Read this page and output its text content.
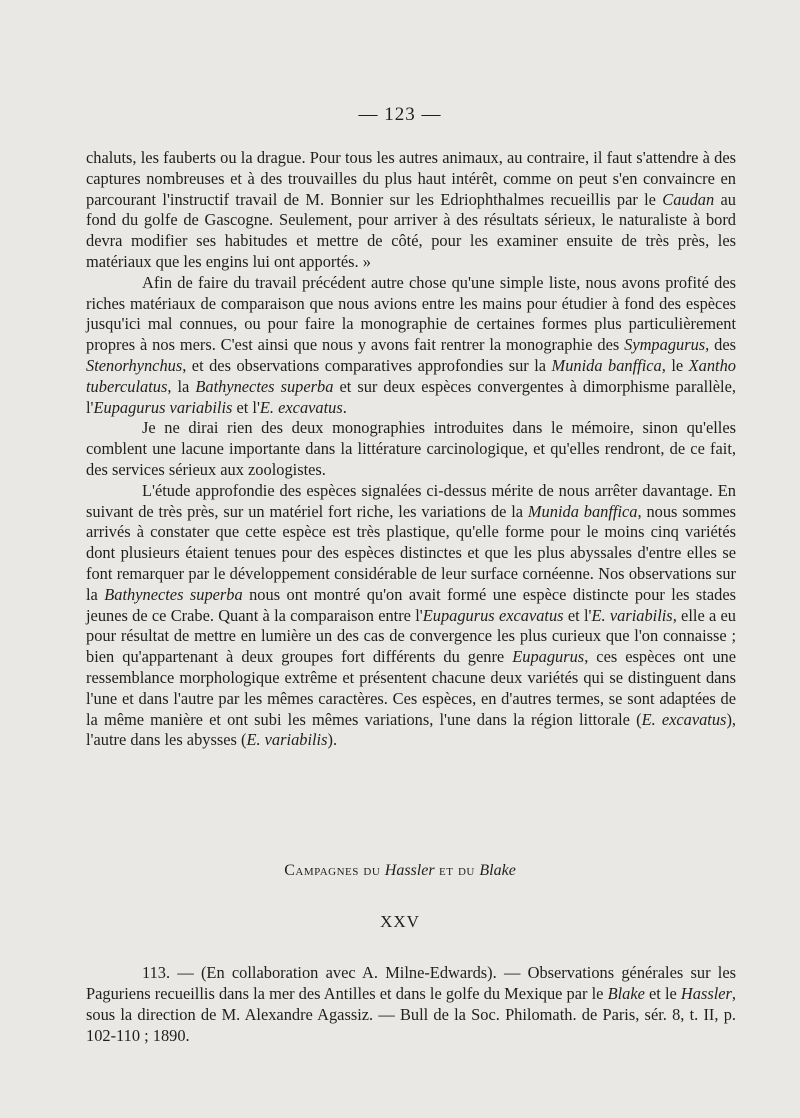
— 123 —

chaluts, les fauberts ou la drague. Pour tous les autres animaux, au contraire, il faut s'attendre à des captures nombreuses et à des trouvailles du plus haut intérêt, comme on peut s'en convaincre en parcourant l'instructif travail de M. Bonnier sur les Edriophthalmes recueillis par le Caudan au fond du golfe de Gascogne. Seulement, pour arriver à des résultats sérieux, le naturaliste à bord devra modifier ses habitudes et mettre de côté, pour les examiner ensuite de très près, les matériaux que les engins lui ont apportés. »

Afin de faire du travail précédent autre chose qu'une simple liste, nous avons profité des riches matériaux de comparaison que nous avions entre les mains pour étudier à fond des espèces jusqu'ici mal connues, ou pour faire la monographie de certaines formes plus particulièrement propres à nos mers. C'est ainsi que nous y avons fait rentrer la monographie des Sympagurus, des Stenorhynchus, et des observations comparatives approfondies sur la Munida banffica, le Xantho tuberculatus, la Bathynectes superba et sur deux espèces convergentes à dimorphisme parallèle, l'Eupagurus variabilis et l'E. excavatus.

Je ne dirai rien des deux monographies introduites dans le mémoire, sinon qu'elles comblent une lacune importante dans la littérature carcinologique, et qu'elles rendront, de ce fait, des services sérieux aux zoologistes.

L'étude approfondie des espèces signalées ci-dessus mérite de nous arrêter davantage. En suivant de très près, sur un matériel fort riche, les variations de la Munida banffica, nous sommes arrivés à constater que cette espèce est très plastique, qu'elle forme pour le moins cinq variétés dont plusieurs étaient tenues pour des espèces distinctes et que les plus abyssales d'entre elles se font remarquer par le développement considérable de leur surface cornéenne. Nos observations sur la Bathynectes superba nous ont montré qu'on avait formé une espèce distincte pour les stades jeunes de ce Crabe. Quant à la comparaison entre l'Eupagurus excavatus et l'E. variabilis, elle a eu pour résultat de mettre en lumière un des cas de convergence les plus curieux que l'on connaisse ; bien qu'appartenant à deux groupes fort différents du genre Eupagurus, ces espèces ont une ressemblance morphologique extrême et présentent chacune deux variétés qui se distinguent dans l'une et dans l'autre par les mêmes caractères. Ces espèces, en d'autres termes, se sont adaptées de la même manière et ont subi les mêmes variations, l'une dans la région littorale (E. excavatus), l'autre dans les abysses (E. variabilis).

Campagnes du Hassler et du Blake
XXV

113. — (En collaboration avec A. Milne-Edwards). — Observations générales sur les Paguriens recueillis dans la mer des Antilles et dans le golfe du Mexique par le Blake et le Hassler, sous la direction de M. Alexandre Agassiz. — Bull de la Soc. Philomath. de Paris, sér. 8, t. II, p. 102-110 ; 1890.
